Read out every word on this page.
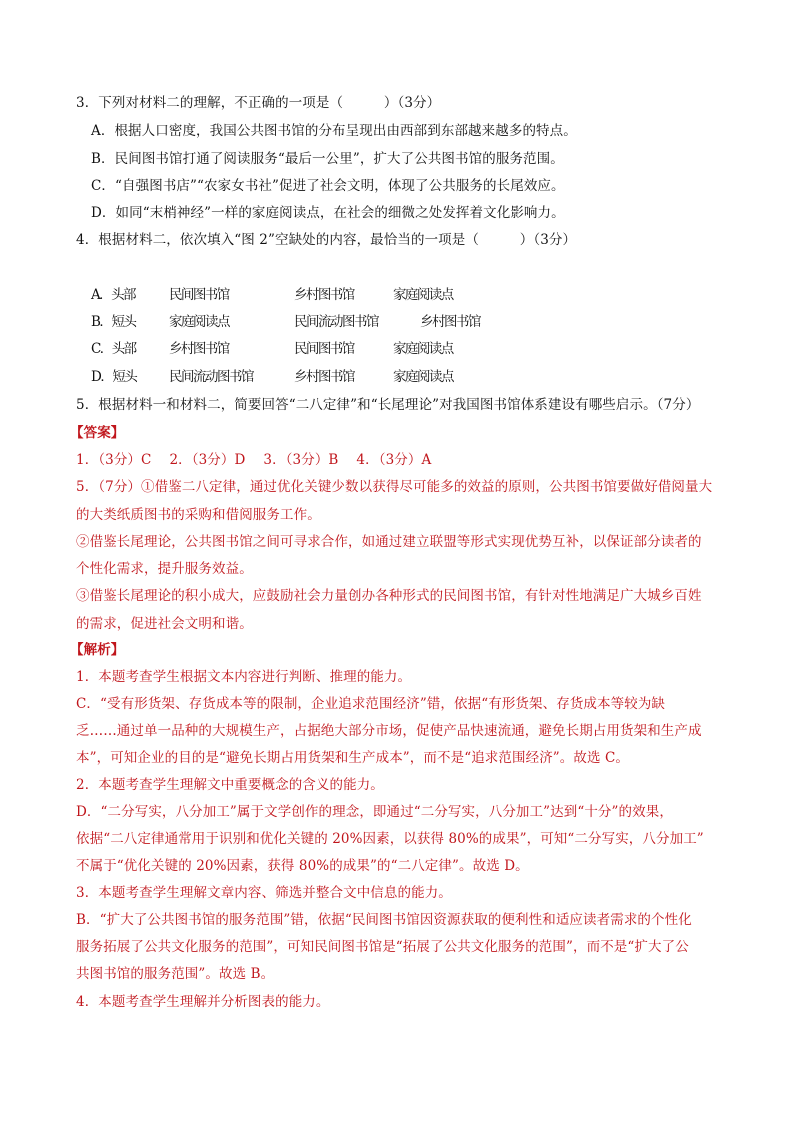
3．下列对材料二的理解，不正确的一项是（　　　）（3分）
A．根据人口密度，我国公共图书馆的分布呈现出由西部到东部越来越多的特点。
B．民间图书馆打通了阅读服务“最后一公里”，扩大了公共图书馆的服务范围。
C．“自强图书店”“农家女书社”促进了社会文明，体现了公共服务的长尾效应。
D．如同“末梢神经”一样的家庭阅读点，在社会的细微之处发挥着文化影响力。
4．根据材料二，依次填入“图 2”空缺处的内容，最恰当的一项是（　　　）（3分）
A．头部	民间图书馆	乡村图书馆	家庭阅读点
B．短头 家庭阅读点	民间流动图书馆	乡村图书馆
C．头部 乡村图书馆	民间图书馆	家庭阅读点
D．短头 民间流动图书馆	乡村图书馆	家庭阅读点
5．根据材料一和材料二，简要回答“二八定律”和“长尾理论”对我国图书馆体系建设有哪些启示。（7分）
【答案】
1．（3分）C　 2．（3分）D　 3．（3分）B　 4．（3分）A
5．（7分）①借鉴二八定律，通过优化关键少数以获得尽可能多的效益的原则，公共图书馆要做好借阅量大
的大类纸质图书的采购和借阅服务工作。
②借鉴长尾理论，公共图书馆之间可寻求合作，如通过建立联盟等形式实现优势互补，以保证部分读者的
个性化需求，提升服务效益。
③借鉴长尾理论的积小成大，应鼓励社会力量创办各种形式的民间图书馆，有针对性地满足广大城乡百姓
的需求，促进社会文明和谐。
【解析】
1．本题考查学生根据文本内容进行判断、推理的能力。
C．“受有形货架、存货成本等的限制，企业追求范围经济”错，依据“有形货架、存货成本等较为缺
乏……通过单一品种的大规模生产，占据绝大部分市场，促使产品快速流通，避免长期占用货架和生产成
本”，可知企业的目的是“避免长期占用货架和生产成本”，而不是“追求范围经济”。故选 C。
2．本题考查学生理解文中重要概念的含义的能力。
D．“二分写实，八分加工”属于文学创作的理念，即通过“二分写实，八分加工”达到“十分”的效果，
依据“二八定律通常用于识别和优化关键的 20%因素，以获得 80%的成果”，可知“二分写实，八分加工”
不属于“优化关键的 20%因素，获得 80%的成果”的“二八定律”。故选 D。
3．本题考查学生理解文章内容、筛选并整合文中信息的能力。
B．“扩大了公共图书馆的服务范围”错，依据“民间图书馆因资源获取的便利性和适应读者需求的个性化
服务拓展了公共文化服务的范围”，可知民间图书馆是“拓展了公共文化服务的范围”，而不是“扩大了公
共图书馆的服务范围”。故选 B。
4．本题考查学生理解并分析图表的能力。
